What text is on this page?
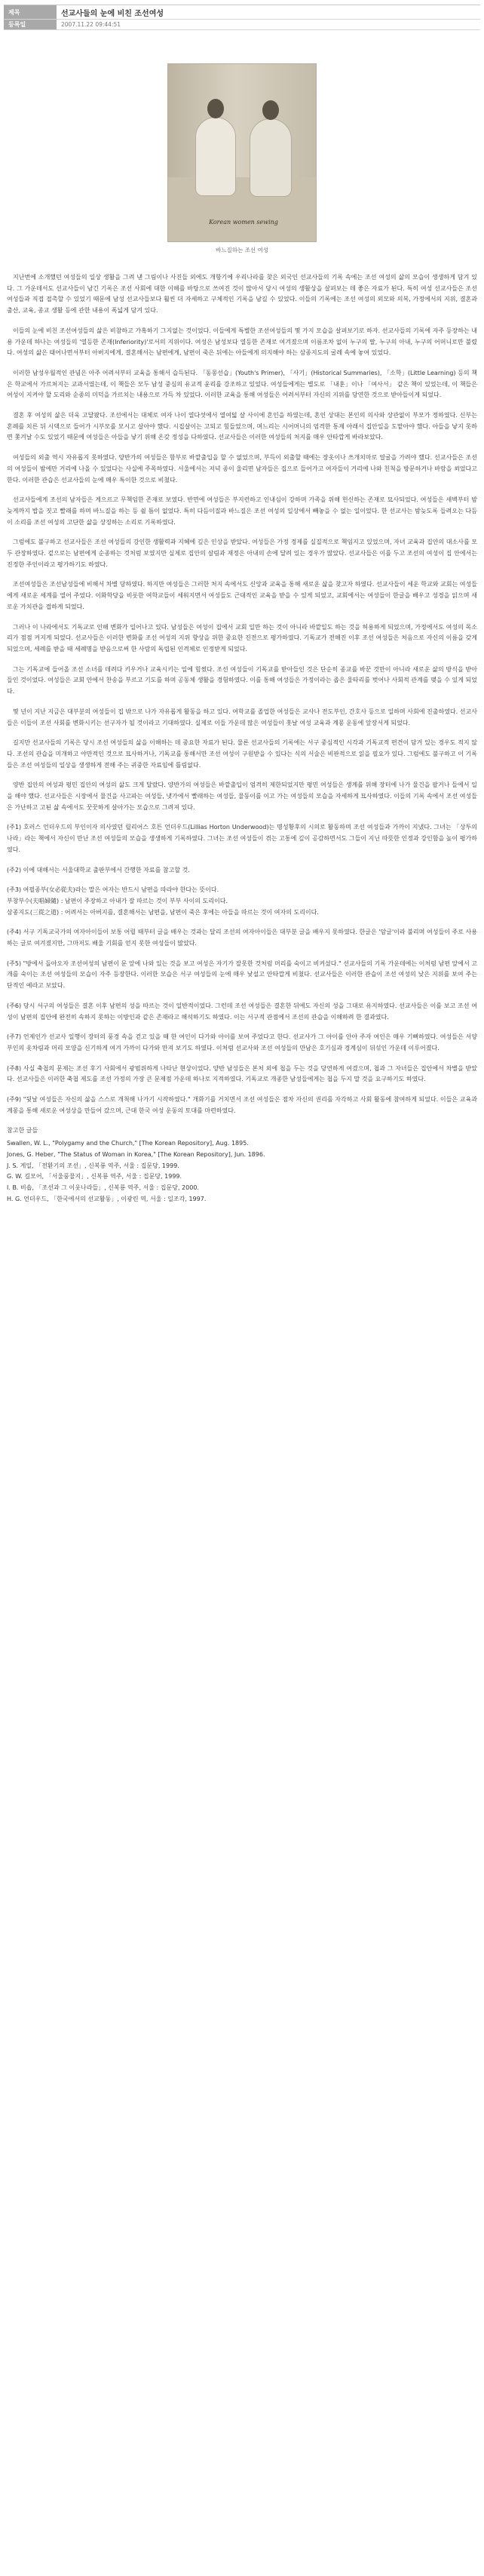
제목	선교사들의 눈에 비친 조선여성
등록일	2007.11.22 09:44:51
Korean women sewing
바느질하는 조선 여성

지난번에 소개했던 여성들의 일상 생활을 그려 낸 그림이나 사진들 외에도 개항기에 우리나라를 찾은 외국인 선교사들의 기록 속에는 조선 여성의 삶의 모습이 생생하게 담겨 있다. 그 가운데서도 선교사들이 남긴 기록은 조선 사회에 대한 이해를 바탕으로 쓰여진 것이 많아서 당시 여성의 생활상을 살펴보는 데 좋은 자료가 된다. 특히 여성 선교사들은 조선 여성들과 직접 접촉할 수 있었기 때문에 남성 선교사들보다 훨씬 더 자세하고 구체적인 기록을 남길 수 있었다. 이들의 기록에는 조선 여성의 외모와 의복, 가정에서의 지위, 결혼과 출산, 교육, 종교 생활 등에 관한 내용이 폭넓게 담겨 있다.

이들의 눈에 비친 조선여성들의 삶은 비참하고 가혹하기 그지없는 것이었다. 이들에게 특별한 조선여성들의 몇 가지 모습을 살펴보기로 하자. 선교사들의 기록에 자주 등장하는 내용 가운데 하나는 여성들의 '열등한 존재(Inferiority)'로서의 지위이다. 여성은 남성보다 열등한 존재로 여겨졌으며 이름조차 없이 누구의 딸, 누구의 아내, 누구의 어머니로만 불렸다. 여성의 삶은 태어나면서부터 아버지에게, 결혼해서는 남편에게, 남편이 죽은 뒤에는 아들에게 의지해야 하는 삼종지도의 굴레 속에 놓여 있었다.

이러한 남성우월적인 관념은 아주 어려서부터 교육을 통해서 습득된다. 「동몽선습」(Youth's Primer), 「사기」(Historical Summaries), 「소학」(Little Learning) 등의 책은 학교에서 가르쳐지는 교과서였는데, 이 책들은 모두 남성 중심의 유교적 윤리를 강조하고 있었다. 여성들에게는 별도로 「내훈」이나 「여사서」 같은 책이 있었는데, 이 책들은 여성이 지켜야 할 도리와 순종의 미덕을 가르치는 내용으로 가득 차 있었다. 이러한 교육을 통해 여성들은 어려서부터 자신의 지위를 당연한 것으로 받아들이게 되었다.

결혼 후 여성의 삶은 더욱 고달팠다. 조선에서는 대체로 여자 나이 열다섯에서 열여덟 살 사이에 혼인을 하였는데, 혼인 상대는 본인의 의사와 상관없이 부모가 정하였다. 신부는 혼례를 치른 뒤 시댁으로 들어가 시부모를 모시고 살아야 했다. 시집살이는 고되고 힘들었으며, 며느리는 시어머니의 엄격한 통제 아래서 집안일을 도맡아야 했다. 아들을 낳지 못하면 쫓겨날 수도 있었기 때문에 여성들은 아들을 낳기 위해 온갖 정성을 다하였다. 선교사들은 이러한 여성들의 처지를 매우 안타깝게 바라보았다.

여성들의 외출 역시 자유롭지 못하였다. 양반가의 여성들은 함부로 바깥출입을 할 수 없었으며, 부득이 외출할 때에는 장옷이나 쓰개치마로 얼굴을 가려야 했다. 선교사들은 조선의 여성들이 밤에만 거리에 나올 수 있었다는 사실에 주목하였다. 서울에서는 저녁 종이 울리면 남자들은 집으로 들어가고 여자들이 거리에 나와 친척을 방문하거나 바람을 쐬었다고 한다. 이러한 관습은 선교사들의 눈에 매우 특이한 것으로 비쳤다.

선교사들에게 조선의 남자들은 게으르고 무책임한 존재로 보였다. 반면에 여성들은 부지런하고 인내심이 강하며 가족을 위해 헌신하는 존재로 묘사되었다. 여성들은 새벽부터 밤늦게까지 밥을 짓고 빨래를 하며 바느질을 하는 등 쉴 틈이 없었다. 특히 다듬이질과 바느질은 조선 여성의 일상에서 빼놓을 수 없는 일이었다. 한 선교사는 밤늦도록 들려오는 다듬이 소리를 조선 여성의 고단한 삶을 상징하는 소리로 기록하였다.

그럼에도 불구하고 선교사들은 조선 여성들의 강인한 생활력과 지혜에 깊은 인상을 받았다. 여성들은 가정 경제를 실질적으로 책임지고 있었으며, 자녀 교육과 집안의 대소사를 모두 관장하였다. 겉으로는 남편에게 순종하는 것처럼 보였지만 실제로 집안의 살림과 재정은 아내의 손에 달려 있는 경우가 많았다. 선교사들은 이를 두고 조선의 여성이 집 안에서는 진정한 주인이라고 평가하기도 하였다.

조선여성들은 조선남성들에 비해서 차별 당하였다. 하지만 여성들은 그러한 처지 속에서도 신앙과 교육을 통해 새로운 삶을 찾고자 하였다. 선교사들이 세운 학교와 교회는 여성들에게 새로운 세계를 열어 주었다. 이화학당을 비롯한 여학교들이 세워지면서 여성들도 근대적인 교육을 받을 수 있게 되었고, 교회에서는 여성들이 한글을 배우고 성경을 읽으며 새로운 가치관을 접하게 되었다.

그러나 이 나라에서도 기독교로 인해 변화가 일어나고 있다. 남성들은 여성이 집에서 교회 일만 하는 것이 아니라 바깥일도 하는 것을 허용하게 되었으며, 가정에서도 여성의 목소리가 점점 커지게 되었다. 선교사들은 이러한 변화를 조선 여성의 지위 향상을 위한 중요한 진전으로 평가하였다. 기독교가 전해진 이후 조선 여성들은 처음으로 자신의 이름을 갖게 되었으며, 세례를 받을 때 세례명을 받음으로써 한 사람의 독립된 인격체로 인정받게 되었다.

그는 기독교에 들어올 조선 소녀를 데려다 키우거나 교육시키는 일에 힘썼다. 조선 여성들이 기독교를 받아들인 것은 단순히 종교를 바꾼 것만이 아니라 새로운 삶의 방식을 받아들인 것이었다. 여성들은 교회 안에서 찬송을 부르고 기도를 하며 공동체 생활을 경험하였다. 이를 통해 여성들은 가정이라는 좁은 울타리를 벗어나 사회적 관계를 맺을 수 있게 되었다.

몇 년이 지난 지금은 대부분의 여성들이 집 밖으로 나가 자유롭게 활동을 하고 있다. 여학교를 졸업한 여성들은 교사나 전도부인, 간호사 등으로 일하며 사회에 진출하였다. 선교사들은 이들이 조선 사회를 변화시키는 선구자가 될 것이라고 기대하였다. 실제로 이들 가운데 많은 여성들이 훗날 여성 교육과 계몽 운동에 앞장서게 되었다.

길지만 선교사들의 기록은 당시 조선 여성들의 삶을 이해하는 데 중요한 자료가 된다. 물론 선교사들의 기록에는 서구 중심적인 시각과 기독교적 편견이 담겨 있는 경우도 적지 않다. 조선의 관습을 미개하고 야만적인 것으로 묘사하거나, 기독교를 통해서만 조선 여성이 구원받을 수 있다는 식의 서술은 비판적으로 읽을 필요가 있다. 그럼에도 불구하고 이 기록들은 조선 여성들의 일상을 생생하게 전해 주는 귀중한 자료임에 틀림없다.

양반 집안의 여성과 평민 집안의 여성의 삶도 크게 달랐다. 양반가의 여성들은 바깥출입이 엄격히 제한되었지만 평민 여성들은 생계를 위해 장터에 나가 물건을 팔거나 들에서 일을 해야 했다. 선교사들은 시장에서 물건을 사고파는 여성들, 냇가에서 빨래하는 여성들, 물동이를 이고 가는 여성들의 모습을 자세하게 묘사하였다. 이들의 기록 속에서 조선 여성들은 가난하고 고된 삶 속에서도 꿋꿋하게 살아가는 모습으로 그려져 있다.

(주1) 호러스 언더우드의 부인이자 의사였던 릴리어스 호튼 언더우드(Lillias Horton Underwood)는 명성황후의 시의로 활동하며 조선 여성들과 가까이 지냈다. 그녀는 「상투의 나라」라는 책에서 자신이 만난 조선 여성들의 모습을 생생하게 기록하였다. 그녀는 조선 여성들이 겪는 고통에 깊이 공감하면서도 그들이 지닌 따뜻한 인정과 강인함을 높이 평가하였다.

(주2) 이에 대해서는 서울대학교 출판부에서 간행한 자료를 참고할 것.

(주3) 여필종부(女必從夫)라는 말은 여자는 반드시 남편을 따라야 한다는 뜻이다.
부창부수(夫唱婦隨) : 남편이 주장하고 아내가 잘 따르는 것이 부부 사이의 도리이다.
삼종지도(三從之道) : 어려서는 아버지를, 결혼해서는 남편을, 남편이 죽은 후에는 아들을 따르는 것이 여자의 도리이다.

(주4) 서구 기독교국가의 여자아이들이 보통 어릴 때부터 글을 배우는 것과는 달리 조선의 여자아이들은 대부분 글을 배우지 못하였다. 한글은 '암글'이라 불리며 여성들이 주로 사용하는 글로 여겨졌지만, 그마저도 배울 기회를 얻지 못한 여성들이 많았다.

(주5) "방에서 돌아오자 조선여성의 남편이 문 앞에 나와 있는 것을 보고 여성은 자기가 잘못한 것처럼 머리를 숙이고 비켜섰다." 선교사들의 기록 가운데에는 이처럼 남편 앞에서 고개를 숙이는 조선 여성들의 모습이 자주 등장한다. 이러한 모습은 서구 여성들의 눈에 매우 낯설고 안타깝게 비쳤다. 선교사들은 이러한 관습이 조선 여성의 낮은 지위를 보여 주는 단적인 예라고 보았다.

(주6) 당시 서구의 여성들은 결혼 이후 남편의 성을 따르는 것이 일반적이었다. 그런데 조선 여성들은 결혼한 뒤에도 자신의 성을 그대로 유지하였다. 선교사들은 이를 보고 조선 여성이 남편의 집안에 완전히 속하지 못하는 이방인과 같은 존재라고 해석하기도 하였다. 이는 서구적 관점에서 조선의 관습을 이해하려 한 결과였다.

(주7) 언제인가 선교사 일행이 장터의 풍경 속을 걷고 있을 때 한 여인이 다가와 아이를 보여 주었다고 한다. 선교사가 그 아이를 안아 주자 여인은 매우 기뻐하였다. 여성들은 서양 부인의 옷차림과 머리 모양을 신기하게 여겨 가까이 다가와 만져 보기도 하였다. 이처럼 선교사와 조선 여성들의 만남은 호기심과 경계심이 뒤섞인 가운데 이루어졌다.

(주8) 사실 축첩의 문제는 조선 후기 사회에서 광범위하게 나타난 현상이었다. 양반 남성들은 본처 외에 첩을 두는 것을 당연하게 여겼으며, 첩과 그 자녀들은 집안에서 차별을 받았다. 선교사들은 이러한 축첩 제도를 조선 가정의 가장 큰 문제점 가운데 하나로 지적하였다. 기독교로 개종한 남성들에게는 첩을 두지 말 것을 요구하기도 하였다.

(주9) "뒷날 여성들은 자신의 삶을 스스로 개척해 나가기 시작하였다." 개화기를 거치면서 조선 여성들은 점차 자신의 권리를 자각하고 사회 활동에 참여하게 되었다. 이들은 교육과 계몽을 통해 새로운 여성상을 만들어 갔으며, 근대 한국 여성 운동의 토대를 마련하였다.

참고한 글들
Swallen, W. L., "Polygamy and the Church," [The Korean Repository], Aug. 1895.
Jones, G. Heber, "The Status of Woman in Korea," [The Korean Repository], Jun. 1896.
J. S. 게일, 「전환기의 조선」, 신복룡 역주, 서울 : 집문당, 1999.
G. W. 길모어, 「서울풍물지」, 신복룡 역주, 서울 : 집문당, 1999.
I. B. 비숍, 「조선과 그 이웃나라들」, 신복룡 역주, 서울 : 집문당, 2000.
H. G. 언더우드, 「한국에서의 선교활동」, 이광린 역, 서울 : 일조각, 1997.
